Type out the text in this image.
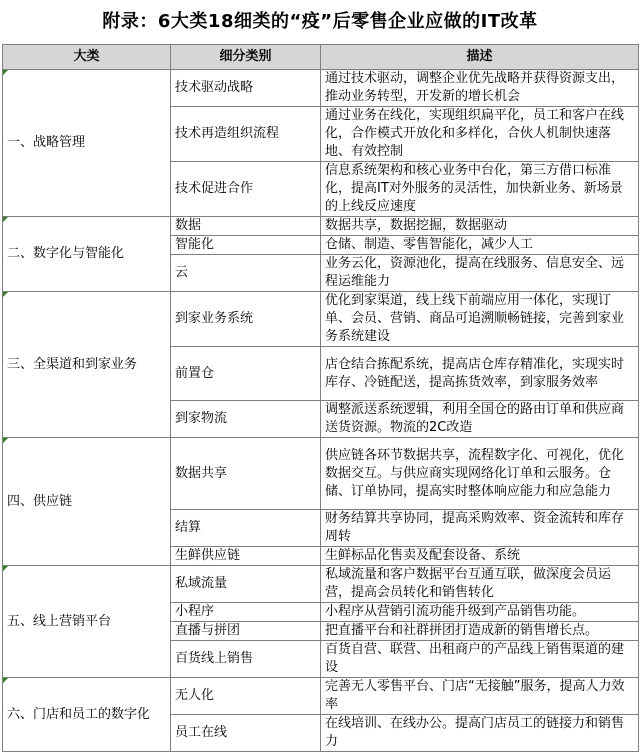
附录：6大类18细类的“疫”后零售企业应做的IT改革
大类	细分类别	描述
一、战略管理	技术驱动战略	通过技术驱动，调整企业优先战略并获得资源支出，推动业务转型，开发新的增长机会
	技术再造组织流程	通过业务在线化，实现组织扁平化，员工和客户在线化，合作模式开放化和多样化，合伙人机制快速落地、有效控制
	技术促进合作	信息系统架构和核心业务中台化，第三方借口标准化，提高IT对外服务的灵活性，加快新业务、新场景的上线反应速度
二、数字化与智能化	数据	数据共享，数据挖掘，数据驱动
	智能化	仓储、制造、零售智能化，减少人工
	云	业务云化，资源池化，提高在线服务、信息安全、远程运维能力
三、全渠道和到家业务	到家业务系统	优化到家渠道，线上线下前端应用一体化，实现订单、会员、营销、商品可追溯顺畅链接，完善到家业务系统建设
	前置仓	店仓结合拣配系统，提高店仓库存精准化，实现实时库存、冷链配送，提高拣货效率，到家服务效率
	到家物流	调整派送系统逻辑，利用全国仓的路由订单和供应商送货资源。物流的2C改造
四、供应链	数据共享	供应链各环节数据共享，流程数字化、可视化，优化数据交互。与供应商实现网络化订单和云服务。仓储、订单协同，提高实时整体响应能力和应急能力
	结算	财务结算共享协同，提高采购效率、资金流转和库存周转
	生鲜供应链	生鲜标品化售卖及配套设备、系统
五、线上营销平台	私域流量	私域流量和客户数据平台互通互联，做深度会员运营，提高会员转化和销售转化
	小程序	小程序从营销引流功能升级到产品销售功能。
	直播与拼团	把直播平台和社群拼团打造成新的销售增长点。
	百货线上销售	百货自营、联营、出租商户的产品线上销售渠道的建设
六、门店和员工的数字化	无人化	完善无人零售平台、门店“无接触”服务，提高人力效率
	员工在线	在线培训、在线办公。提高门店员工的链接力和销售力
